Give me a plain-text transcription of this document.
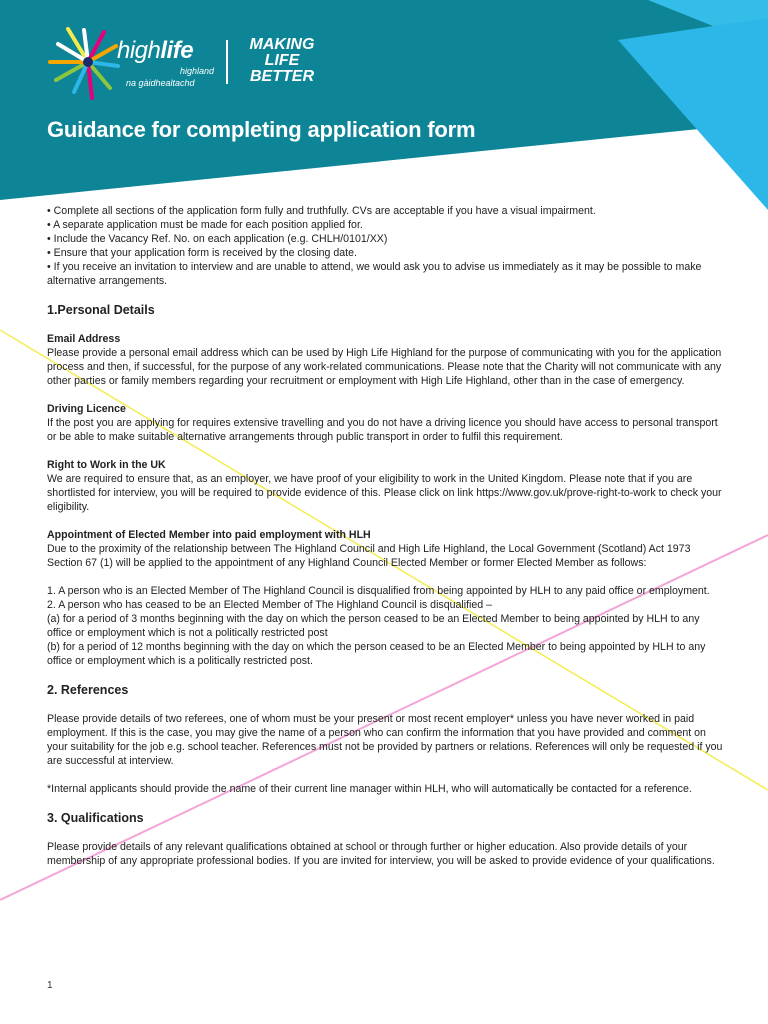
highlife
highland
na gàidhealtachd
MAKING
LIFE
BETTER
Guidance for completing application form

• Complete all sections of the application form fully and truthfully. CVs are acceptable if you have a visual impairment.

• A separate application must be made for each position applied for.

• Include the Vacancy Ref. No. on each application (e.g. CHLH/0101/XX)

• Ensure that your application form is received by the closing date.

• If you receive an invitation to interview and are unable to attend, we would ask you to advise us immediately as it may be possible to make alternative arrangements.

1.Personal Details
Email Address

Please provide a personal email address which can be used by High Life Highland for the purpose of communicating with you for the application process and then, if successful, for the purpose of any work-related communications. Please note that the Charity will not communicate with any other parties or family members regarding your recruitment or employment with High Life Highland, other than in the case of emergency.

Driving Licence

If the post you are applying for requires extensive travelling and you do not have a driving licence you should have access to personal transport or be able to make suitable alternative arrangements through public transport in order to fulfil this requirement.

Right to Work in the UK

We are required to ensure that, as an employer, we have proof of your eligibility to work in the United Kingdom. Please note that if you are shortlisted for interview, you will be required to provide evidence of this. Please click on link https://www.gov.uk/prove-right-to-work to check your eligibility.

Appointment of Elected Member into paid employment with HLH

Due to the proximity of the relationship between The Highland Council and High Life Highland, the Local Government (Scotland) Act 1973 Section 67 (1) will be applied to the appointment of any Highland Council Elected Member or former Elected Member as follows:

1. A person who is an Elected Member of The Highland Council is disqualified from being appointed by HLH to any paid office or employment.

2. A person who has ceased to be an Elected Member of The Highland Council is disqualified –

(a) for a period of 3 months beginning with the day on which the person ceased to be an Elected Member to being appointed by HLH to any office or employment which is not a politically restricted post

(b) for a period of 12 months beginning with the day on which the person ceased to be an Elected Member to being appointed by HLH to any office or employment which is a politically restricted post.

2. References

Please provide details of two referees, one of whom must be your present or most recent employer* unless you have never worked in paid employment. If this is the case, you may give the name of a person who can confirm the information that you have provided and comment on your suitability for the job e.g. school teacher. References must not be provided by partners or relations. References will only be requested if you are successful at interview.

*Internal applicants should provide the name of their current line manager within HLH, who will automatically be contacted for a reference.

3. Qualifications

Please provide details of any relevant qualifications obtained at school or through further or higher education. Also provide details of your membership of any appropriate professional bodies. If you are invited for interview, you will be asked to provide evidence of your qualifications.

1
